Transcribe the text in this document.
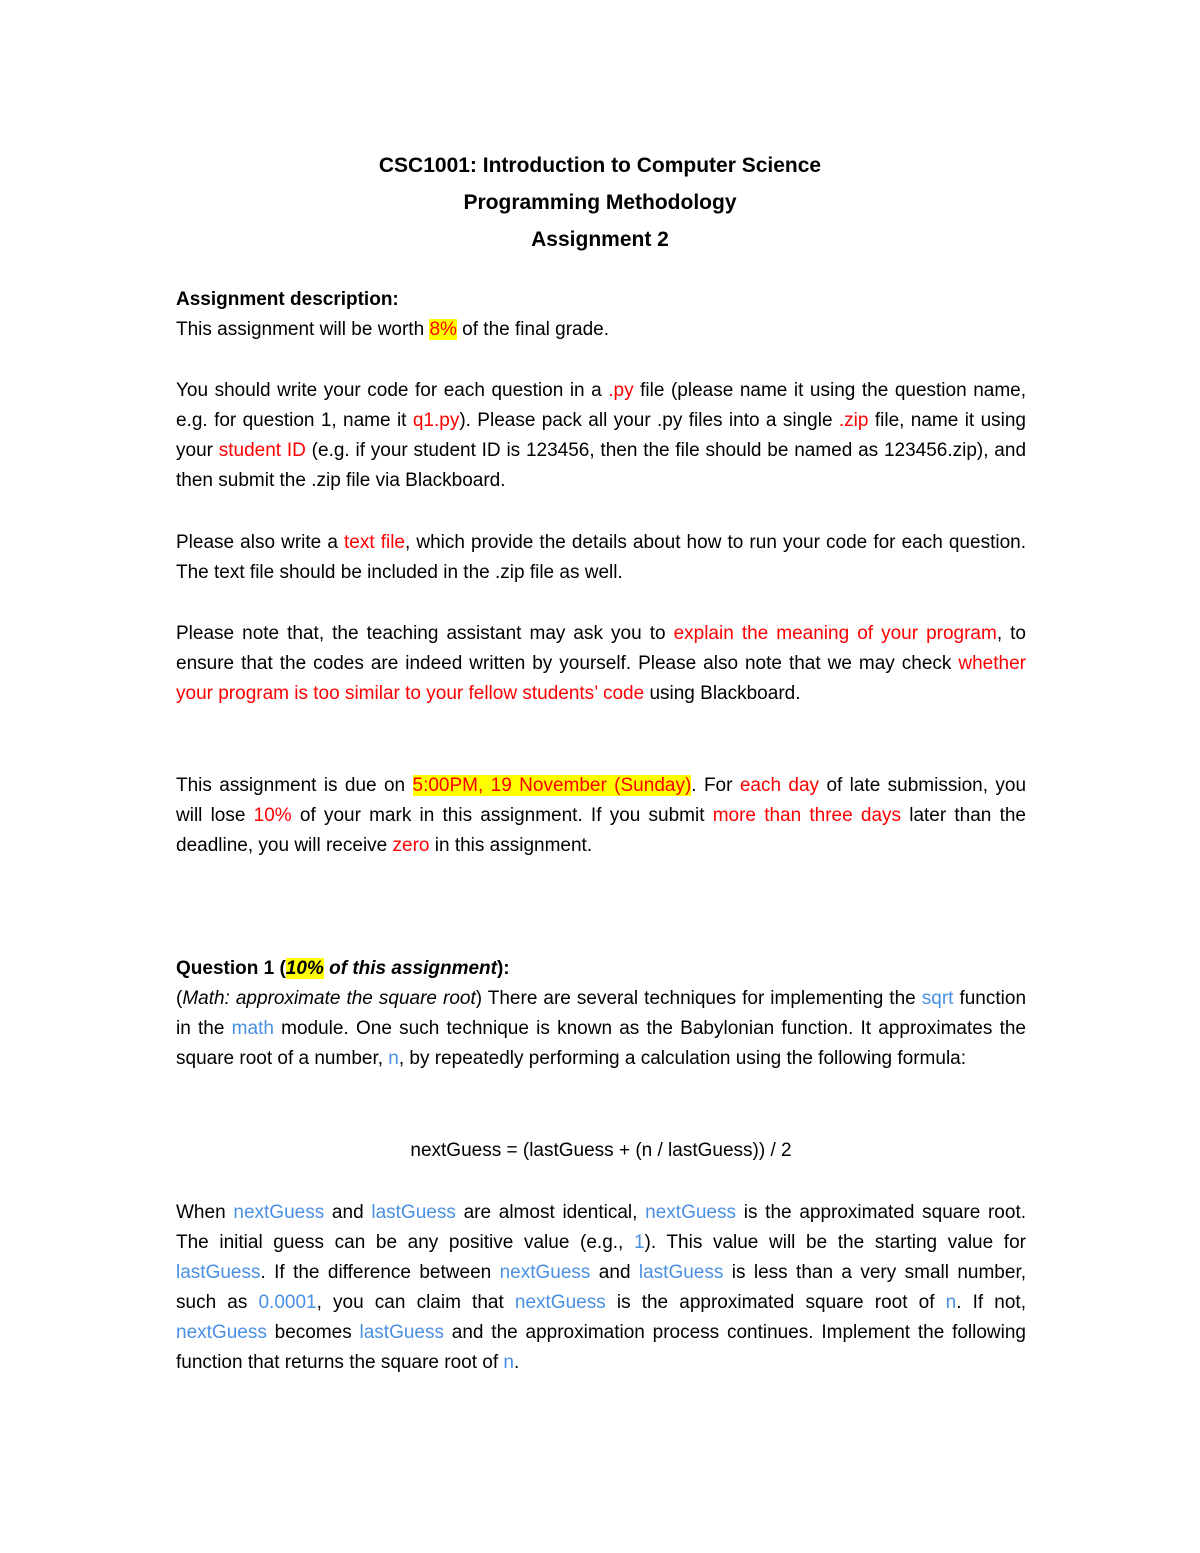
CSC1001: Introduction to Computer Science
Programming Methodology
Assignment 2
Assignment description:
This assignment will be worth 8% of the final grade.

You should write your code for each question in a .py file (please name it using the question name, e.g. for question 1, name it q1.py). Please pack all your .py files into a single .zip file, name it using your student ID (e.g. if your student ID is 123456, then the file should be named as 123456.zip), and then submit the .zip file via Blackboard.

Please also write a text file, which provide the details about how to run your code for each question. The text file should be included in the .zip file as well.

Please note that, the teaching assistant may ask you to explain the meaning of your program, to ensure that the codes are indeed written by yourself. Please also note that we may check whether your program is too similar to your fellow students’ code using Blackboard.

This assignment is due on 5:00PM, 19 November (Sunday). For each day of late submission, you will lose 10% of your mark in this assignment. If you submit more than three days later than the deadline, you will receive zero in this assignment.

Question 1 (10% of this assignment):

(Math: approximate the square root) There are several techniques for implementing the sqrt function in the math module. One such technique is known as the Babylonian function. It approximates the square root of a number, n, by repeatedly performing a calculation using the following formula:

nextGuess = (lastGuess + (n / lastGuess)) / 2

When nextGuess and lastGuess are almost identical, nextGuess is the approximated square root. The initial guess can be any positive value (e.g., 1). This value will be the starting value for lastGuess. If the difference between nextGuess and lastGuess is less than a very small number, such as 0.0001, you can claim that nextGuess is the approximated square root of n. If not, nextGuess becomes lastGuess and the approximation process continues. Implement the following function that returns the square root of n.
